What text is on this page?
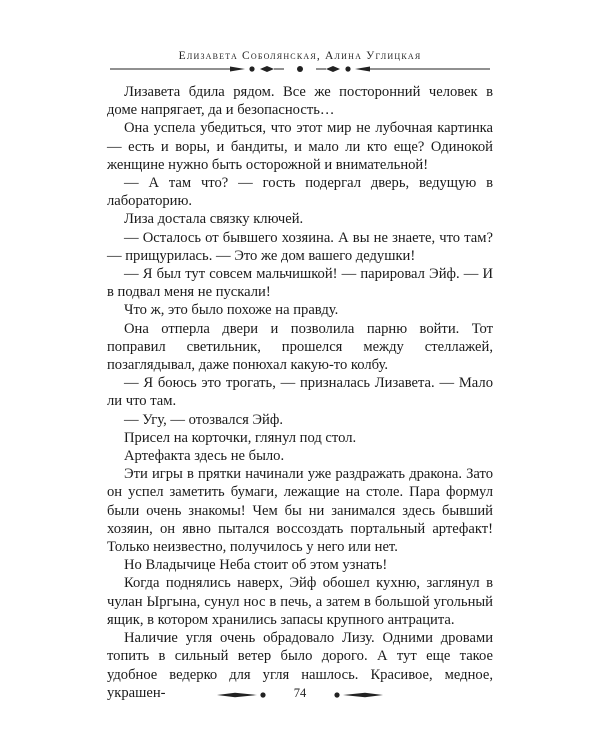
Елизавета Соболянская, Алина Углицкая

Лизавета бдила рядом. Все же посторонний человек в доме напрягает, да и безопасность…

Она успела убедиться, что этот мир не лубочная картинка — есть и воры, и бандиты, и мало ли кто еще? Одинокой женщине нужно быть осторожной и внимательной!

— А там что? — гость подергал дверь, ведущую в лабораторию.

Лиза достала связку ключей.

— Осталось от бывшего хозяина. А вы не знаете, что там? — прищурилась. — Это же дом вашего дедушки!

— Я был тут совсем мальчишкой! — парировал Эйф. — И в подвал меня не пускали!

Что ж, это было похоже на правду.

Она отперла двери и позволила парню войти. Тот поправил светильник, прошелся между стеллажей, позаглядывал, даже понюхал какую-то колбу.

— Я боюсь это трогать, — призналась Лизавета. — Мало ли что там.

— Угу, — отозвался Эйф.

Присел на корточки, глянул под стол.

Артефакта здесь не было.

Эти игры в прятки начинали уже раздражать дракона. Зато он успел заметить бумаги, лежащие на столе. Пара формул были очень знакомы! Чем бы ни занимался здесь бывший хозяин, он явно пытался воссоздать портальный артефакт! Только неизвестно, получилось у него или нет.

Но Владычице Неба стоит об этом узнать!

Когда поднялись наверх, Эйф обошел кухню, заглянул в чулан Ыргына, сунул нос в печь, а затем в большой угольный ящик, в котором хранились запасы крупного антрацита.

Наличие угля очень обрадовало Лизу. Одними дровами топить в сильный ветер было дорого. А тут еще такое удобное ведерко для угля нашлось. Красивое, медное, украшен-	74
